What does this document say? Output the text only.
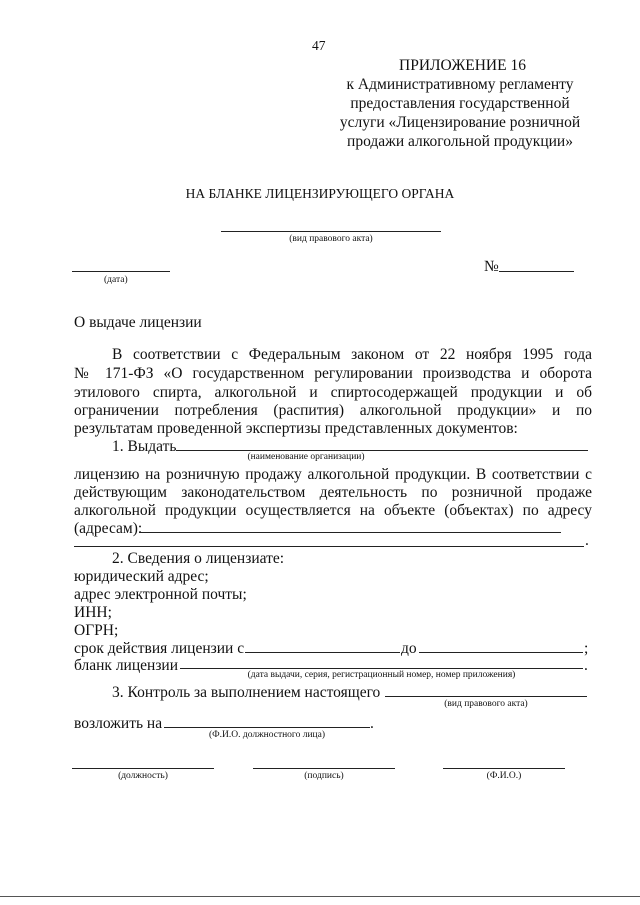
47
ПРИЛОЖЕНИЕ 16
к Административному регламенту
предоставления государственной
услуги «Лицензирование розничной
продажи алкогольной продукции»
НА БЛАНКЕ ЛИЦЕНЗИРУЮЩЕГО ОРГАНА
(вид правового акта)
(дата)
№
О выдаче лицензии
В соответствии с Федеральным законом от 22 ноября 1995 года
№ 171-ФЗ «О государственном регулировании производства и оборота
этилового спирта, алкогольной и спиртосодержащей продукции и об
ограничении потребления (распития) алкогольной продукции» и по
результатам проведенной экспертизы представленных документов:
1. Выдать
(наименование организации)
лицензию на розничную продажу алкогольной продукции. В соответствии с
действующим законодательством деятельность по розничной продаже
алкогольной продукции осуществляется на объекте (объектах) по адресу
(адресам):
.
2. Сведения о лицензиате:
юридический адрес;
адрес электронной почты;
ИНН;
ОГРН;
срок действия лицензии с	до	;
бланк лицензии	.
(дата выдачи, серия, регистрационный номер, номер приложения)
3. Контроль за выполнением настоящего
(вид правового акта)
возложить на	.
(Ф.И.О. должностного лица)
(должность)	(подпись)	(Ф.И.О.)
